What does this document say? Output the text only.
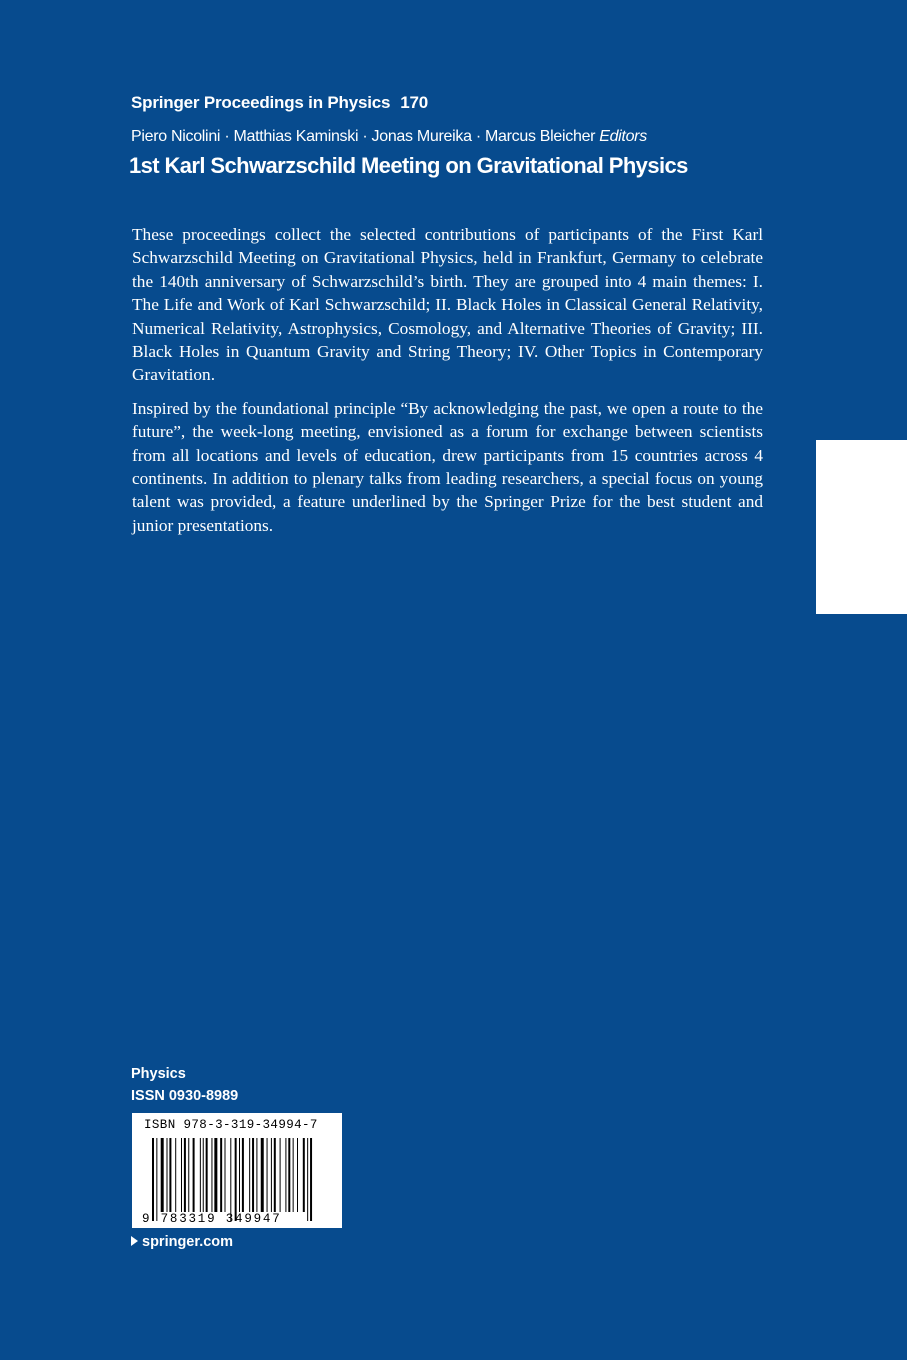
Springer Proceedings in Physics 170
Piero Nicolini · Matthias Kaminski · Jonas Mureika · Marcus Bleicher Editors
1st Karl Schwarzschild Meeting on Gravitational Physics

These proceedings collect the selected contributions of participants of the First Karl Schwarzschild Meeting on Gravitational Physics, held in Frankfurt, Germany to celebrate the 140th anniversary of Schwarzschild’s birth. They are grouped into 4 main themes: I. The Life and Work of Karl Schwarzschild; II. Black Holes in Classical General Relativity, Numerical Relativity, Astrophysics, Cosmology, and Alternative Theories of Gravity; III. Black Holes in Quantum Gravity and String Theory; IV. Other Topics in Contemporary Gravitation.

Inspired by the foundational principle “By acknowledging the past, we open a route to the future”, the week-long meeting, envisioned as a forum for exchange between scientists from all locations and levels of education, drew participants from 15 countries across 4 continents. In addition to plenary talks from leading researchers, a special focus on young talent was provided, a feature underlined by the Springer Prize for the best student and junior presentations.

Physics
ISSN 0930-8989
ISBN 978-3-319-34994-7
9 783319 349947
springer.com
